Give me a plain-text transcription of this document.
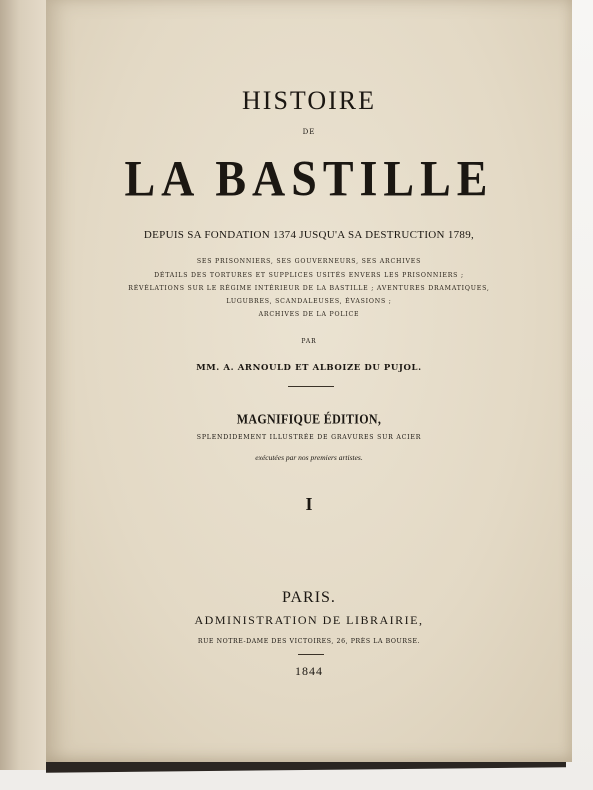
HISTOIRE
DE
LA BASTILLE
DEPUIS SA FONDATION 1374 JUSQU'A SA DESTRUCTION 1789,
SES PRISONNIERS, SES GOUVERNEURS, SES ARCHIVES
DÉTAILS DES TORTURES ET SUPPLICES USITÉS ENVERS LES PRISONNIERS ;
RÉVÉLATIONS SUR LE RÉGIME INTÉRIEUR DE LA BASTILLE ; AVENTURES DRAMATIQUES,
LUGUBRES, SCANDALEUSES, ÉVASIONS ;
ARCHIVES DE LA POLICE
PAR
MM. A. ARNOULD ET ALBOIZE DU PUJOL.
MAGNIFIQUE ÉDITION,
SPLENDIDEMENT ILLUSTRÉE DE GRAVURES SUR ACIER
exécutées par nos premiers artistes.
I
PARIS.
ADMINISTRATION DE LIBRAIRIE,
RUE NOTRE-DAME DES VICTOIRES, 26, PRÈS LA BOURSE.
1844
